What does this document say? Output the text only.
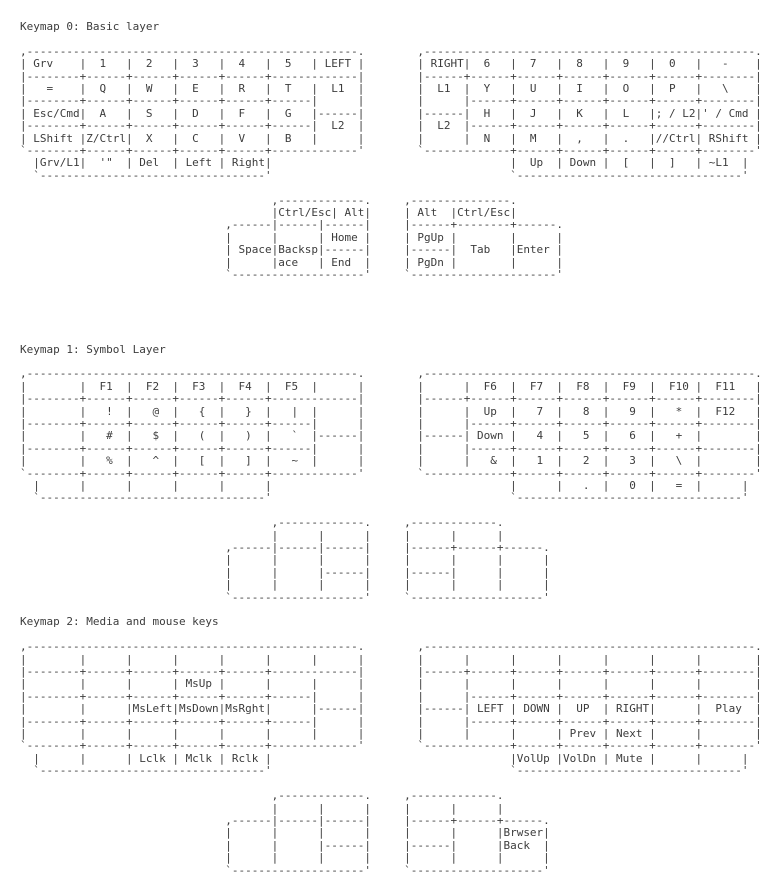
Keymap 0: Basic layer
,--------------------------------------------------.        ,--------------------------------------------------.
| Grv    |  1   |  2   |  3   |  4   |  5   | LEFT |        | RIGHT|  6   |  7   |  8   |  9   |  0   |   -    |
|--------+------+------+------+------+-------------|        |------+------+------+------+------+------+--------|
|   =    |  Q   |  W   |  E   |  R   |  T   |  L1  |        |  L1  |  Y   |  U   |  I   |  O   |  P   |   \    |
|--------+------+------+------+------+------|      |        |      |------+------+------+------+------+--------|
| Esc/Cmd|  A   |  S   |  D   |  F   |  G   |------|        |------|  H   |  J   |  K   |  L   |; / L2|' / Cmd |
|--------+------+------+------+------+------|  L2  |        |  L2  |------+------+------+------+------+--------|
| LShift |Z/Ctrl|  X   |  C   |  V   |  B   |      |        |      |  N   |  M   |  ,   |  .   |//Ctrl| RShift |
`--------+------+------+------+------+-------------'        `-------------+------+------+------+------+--------'
|Grv/L1|  '"  | Del  | Left | Right|                                    |  Up  | Down |  [   |  ]   | ~L1  |
`----------------------------------'                                    `----------------------------------'

,-------------.     ,---------------.
|Ctrl/Esc| Alt|     | Alt  |Ctrl/Esc|
,------|------|------|     |------+--------+------.
|      |      | Home |     | PgUp |        |      |
| Space|Backsp|------|     |------|  Tab   |Enter |
|      |ace   | End  |     | PgDn |        |      |
`--------------------'     `----------------------'
Keymap 1: Symbol Layer
,--------------------------------------------------.        ,--------------------------------------------------.
|        |  F1  |  F2  |  F3  |  F4  |  F5  |      |        |      |  F6  |  F7  |  F8  |  F9  |  F10 |  F11   |
|--------+------+------+------+------+-------------|        |------+------+------+------+------+------+--------|
|        |   !  |   @  |   {  |   }  |   |  |      |        |      |  Up  |   7  |   8  |   9  |   *  |  F12   |
|--------+------+------+------+------+------|      |        |      |------+------+------+------+------+--------|
|        |   #  |   $  |   (  |   )  |   `  |------|        |------| Down |   4  |   5  |   6  |   +  |        |
|--------+------+------+------+------+------|      |        |      |------+------+------+------+------+--------|
|        |   %  |   ^  |   [  |   ]  |   ~  |      |        |      |   &  |   1  |   2  |   3  |   \  |        |
`--------+------+------+------+------+-------------'        `-------------+------+------+------+------+--------'
|      |      |      |      |      |                                    |      |   .  |   0  |   =  |      |
`----------------------------------'                                    `----------------------------------'

,-------------.     ,-------------.
|      |      |     |      |      |
,------|------|------|     |------+------+------.
|      |      |      |     |      |      |      |
|      |      |------|     |------|      |      |
|      |      |      |     |      |      |      |
`--------------------'     `--------------------'
Keymap 2: Media and mouse keys
,--------------------------------------------------.        ,--------------------------------------------------.
|        |      |      |      |      |      |      |        |      |      |      |      |      |      |        |
|--------+------+------+------+------+-------------|        |------+------+------+------+------+------+--------|
|        |      |      | MsUp |      |      |      |        |      |      |      |      |      |      |        |
|--------+------+------+------+------+------|      |        |      |------+------+------+------+------+--------|
|        |      |MsLeft|MsDown|MsRght|      |------|        |------| LEFT | DOWN |  UP  | RIGHT|      |  Play  |
|--------+------+------+------+------+------|      |        |      |------+------+------+------+------+--------|
|        |      |      |      |      |      |      |        |      |      |      | Prev | Next |      |        |
`--------+------+------+------+------+-------------'        `-------------+------+------+------+------+--------'
|      |      | Lclk | Mclk | Rclk |                                    |VolUp |VolDn | Mute |      |      |
`----------------------------------'                                    `----------------------------------'

,-------------.     ,-------------.
|      |      |     |      |      |
,------|------|------|     |------+------+------.
|      |      |      |     |      |      |Brwser|
|      |      |------|     |------|      |Back  |
|      |      |      |     |      |      |      |
`--------------------'     `--------------------'
